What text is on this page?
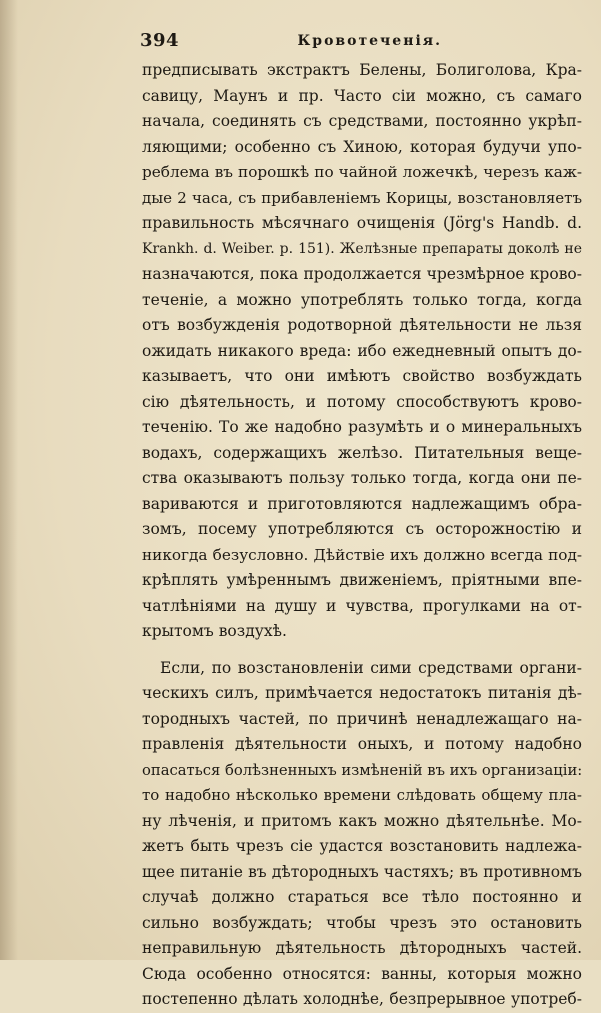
394	Кровотеченія.
предписывать экстрактъ Белены, Болиголова, Кра-
савицу, Маунъ и пр. Часто сіи можно, съ самаго
начала, соединять съ средствами, постоянно укрѣп-
ляющими; особенно съ Хиною, которая будучи упо-
реблема въ порошкѣ по чайной ложечкѣ, черезъ каж-
дые 2 часа, съ прибавленіемъ Корицы, возстановляетъ
правильность мѣсячнаго очищенія (Jörg's Handb. d.
Krankh. d. Weiber. p. 151). Желѣзные препараты доколѣ не
назначаются, пока продолжается чрезмѣрное крово-
теченіе, а можно употреблять только тогда, когда
отъ возбужденія родотворной дѣятельности не льзя
ожидать никакого вреда: ибо ежедневный опытъ до-
казываетъ, что они имѣютъ свойство возбуждать
сію дѣятельность, и потому способствуютъ крово-
теченію. То же надобно разумѣть и о минеральныхъ
водахъ, содержащихъ желѣзо. Питательныя веще-
ства оказываютъ пользу только тогда, когда они пе-
вариваются и приготовляются надлежащимъ обра-
зомъ, посему употребляются съ осторожностію и
никогда безусловно. Дѣйствіе ихъ должно всегда под-
крѣплять умѣреннымъ движеніемъ, пріятными впе-
чатлѣніями на душу и чувства, прогулками на от-
крытомъ воздухѣ.
Если, по возстановленіи сими средствами органи-
ческихъ силъ, примѣчается недостатокъ питанія дѣ-
тородныхъ частей, по причинѣ ненадлежащаго на-
правленія дѣятельности оныхъ, и потому надобно
опасаться болѣзненныхъ измѣненій въ ихъ организаціи:
то надобно нѣсколько времени слѣдовать общему пла-
ну лѣченія, и притомъ какъ можно дѣятельнѣе. Мо-
жетъ быть чрезъ сіе удастся возстановить надлежа-
щее питаніе въ дѣтородныхъ частяхъ; въ противномъ
случаѣ должно стараться все тѣло постоянно и
сильно возбуждать; чтобы чрезъ это остановить
неправильную дѣятельность дѣтородныхъ частей.
Сюда особенно относятся: ванны, которыя можно
постепенно дѣлать холоднѣе, безпрерывное употреб-
